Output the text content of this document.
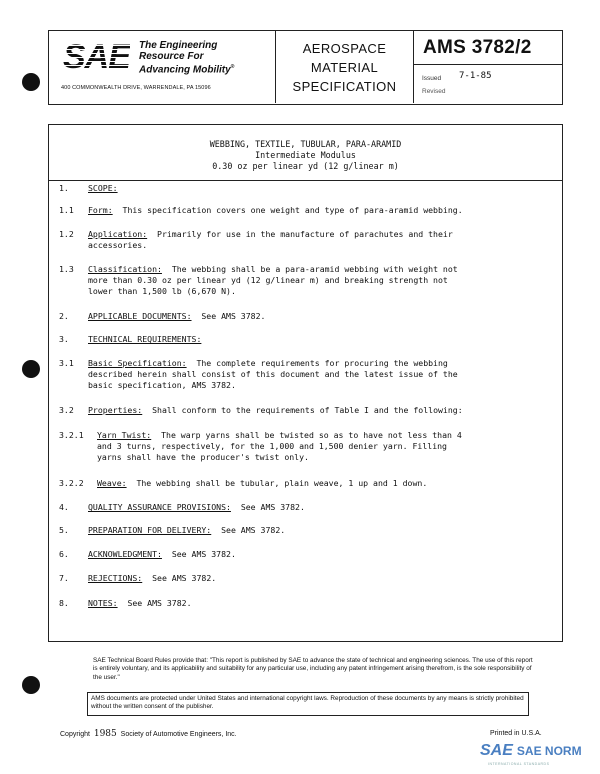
SAE The Engineering
Resource For
Advancing Mobility®
400 COMMONWEALTH DRIVE, WARRENDALE, PA 15096
AEROSPACE
MATERIAL
SPECIFICATION
AMS 3782/2
Issued 7-1-85
Revised
WEBBING, TEXTILE, TUBULAR, PARA-ARAMID
Intermediate Modulus
0.30 oz per linear yd (12 g/linear m)
1. SCOPE:
1.1 Form: This specification covers one weight and type of para-aramid webbing.
1.2 Application: Primarily for use in the manufacture of parachutes and their
accessories.
1.3 Classification: The webbing shall be a para-aramid webbing with weight not
more than 0.30 oz per linear yd (12 g/linear m) and breaking strength not
lower than 1,500 lb (6,670 N).
2. APPLICABLE DOCUMENTS: See AMS 3782.
3. TECHNICAL REQUIREMENTS:
3.1 Basic Specification: The complete requirements for procuring the webbing
described herein shall consist of this document and the latest issue of the
basic specification, AMS 3782.
3.2 Properties: Shall conform to the requirements of Table I and the following:
3.2.1 Yarn Twist: The warp yarns shall be twisted so as to have not less than 4
and 3 turns, respectively, for the 1,000 and 1,500 denier yarn. Filling
yarns shall have the producer's twist only.
3.2.2 Weave: The webbing shall be tubular, plain weave, 1 up and 1 down.
4. QUALITY ASSURANCE PROVISIONS: See AMS 3782.
5. PREPARATION FOR DELIVERY: See AMS 3782.
6. ACKNOWLEDGMENT: See AMS 3782.
7. REJECTIONS: See AMS 3782.
8. NOTES: See AMS 3782.
SAE Technical Board Rules provide that: "This report is published by SAE to advance the state of technical and engineering sciences. The use of this report is entirely voluntary, and its applicability and suitability for any particular use, including any patent infringement arising therefrom, is the sole responsibility of the user."
AMS documents are protected under United States and international copyright laws. Reproduction of these documents by any means is strictly prohibited without the written consent of the publisher.
Copyright 1985 Society of Automotive Engineers, Inc.	Printed in U.S.A.
SAE SAE NORM
INTERNATIONAL STANDARDS
